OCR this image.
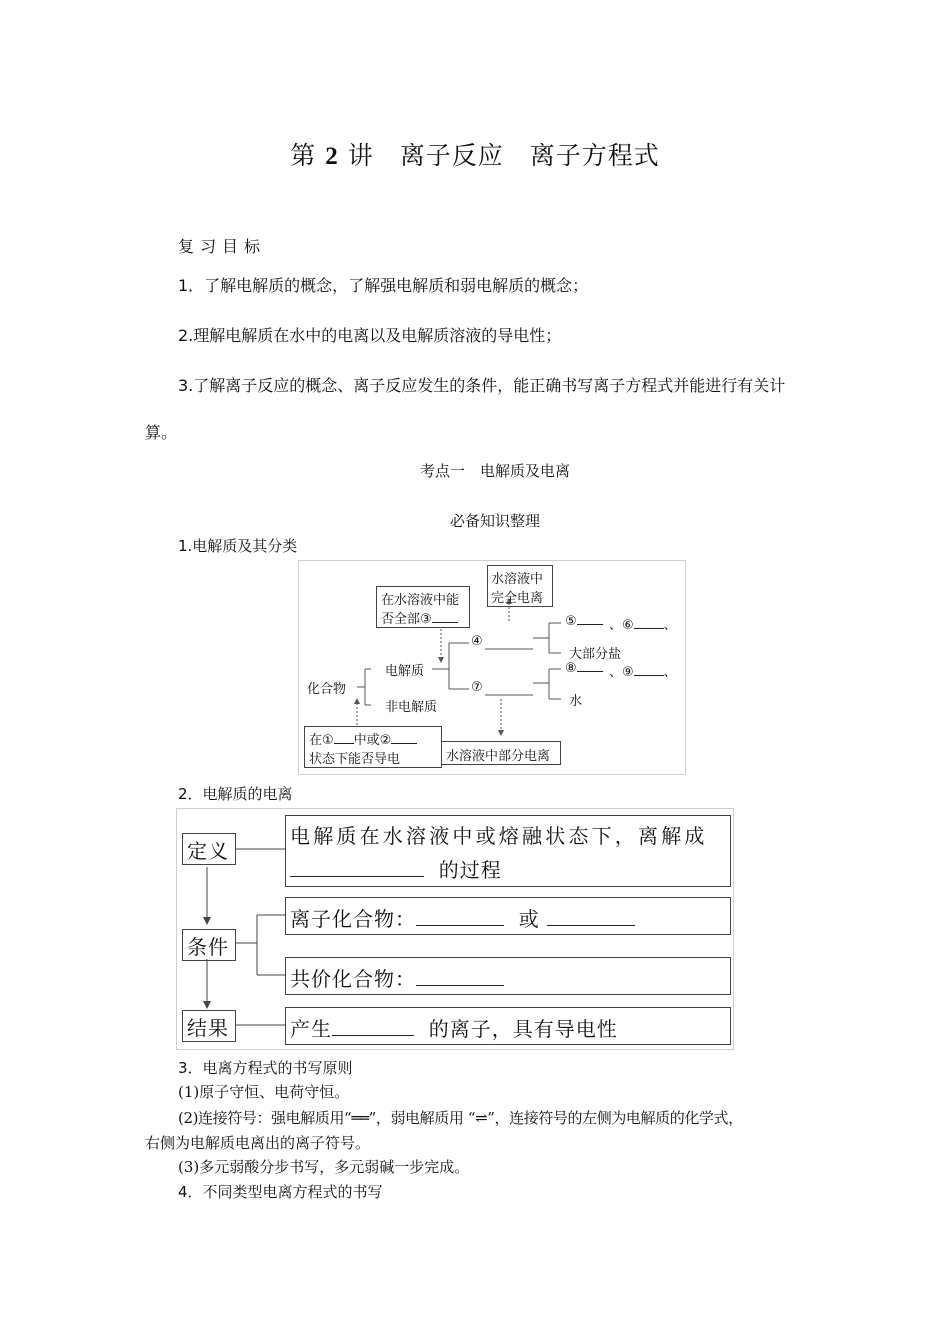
第 2 讲　离子反应　离子方程式
复习目标
1．了解电解质的概念，了解强电解质和弱电解质的概念；
2.理解电解质在水中的电离以及电解质溶液的导电性；
3.了解离子反应的概念、离子反应发生的条件，能正确书写离子方程式并能进行有关计
算。
考点一　电解质及电离
必备知识整理
1.电解质及其分类
化合物
电解质
非电解质
在水溶液中能
否全部③
水溶液中
完全电离
④
⑦
⑤	、⑥ 、
大部分盐
⑧	、⑨ 、
水
在① 中或②
状态下能否导电	水溶液中部分电离
2．电解质的电离
定义
电解质在水溶液中或熔融状态下，离解成
的过程
条件
离子化合物：	或
共价化合物：
结果	产生	的离子，具有导电性
3．电离方程式的书写原则
(1)原子守恒、电荷守恒。
(2)连接符号：强电解质用“══”，弱电解质用 “⇌”，连接符号的左侧为电解质的化学式，
右侧为电解质电离出的离子符号。
(3)多元弱酸分步书写，多元弱碱一步完成。
4．不同类型电离方程式的书写
